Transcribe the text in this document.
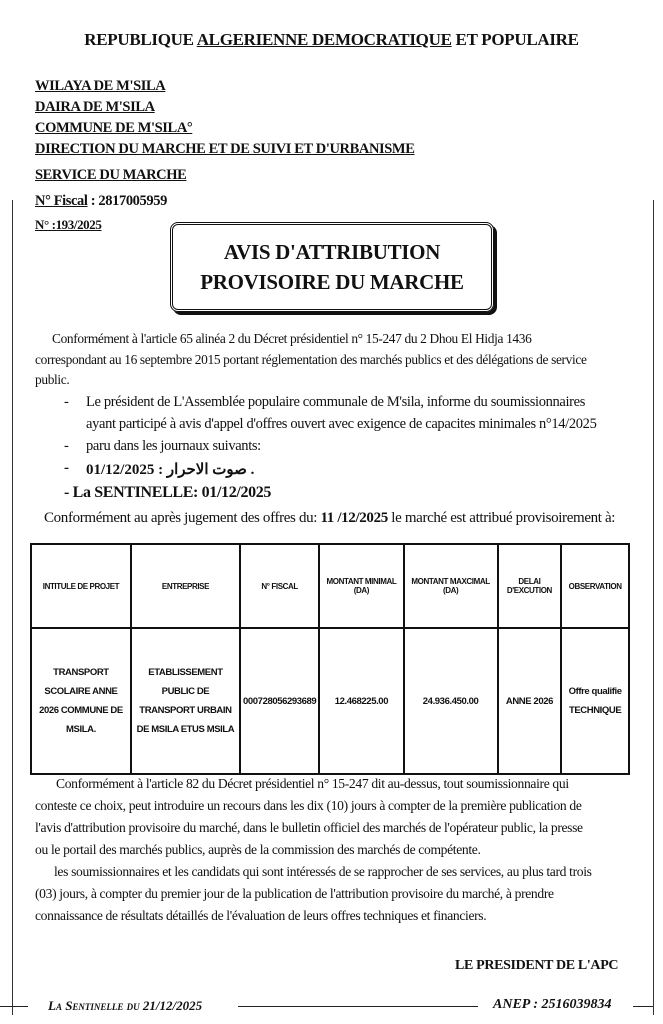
REPUBLIQUE ALGERIENNE DEMOCRATIQUE ET POPULAIRE
WILAYA DE M'SILA
DAIRA DE M'SILA
COMMUNE DE M'SILA°
DIRECTION DU MARCHE ET DE SUIVI ET D'URBANISME
SERVICE DU MARCHE
N° Fiscal : 2817005959
N° :193/2025
AVIS D'ATTRIBUTION
PROVISOIRE DU MARCHE
Conformément à l'article 65 alinéa 2 du Décret présidentiel n° 15-247 du 2 Dhou El Hidja 1436
correspondant au 16 septembre 2015 portant réglementation des marchés publics et des délégations de service
public.
- Le président de L'Assemblée populaire communale de M'sila, informe du soumissionnaires
ayant participé à avis d'appel d'offres ouvert avec exigence de capacites minimales n°14/2025
- paru dans les journaux suivants:
- صوت الاحرار : 01/12/2025 .
- La SENTINELLE: 01/12/2025
Conformément au après jugement des offres du: 11 /12/2025 le marché est attribué provisoirement à:
INTITULE DE PROJET	ENTREPRISE	N° FISCAL	MONTANT MINIMAL (DA)	MONTANT MAXCIMAL (DA)	DELAI D'EXCUTION	OBSERVATION
TRANSPORT SCOLAIRE ANNE 2026 COMMUNE DE MSILA.	ETABLISSEMENT PUBLIC DE TRANSPORT URBAIN DE MSILA ETUS MSILA	000728056293689	12.468225.00	24.936.450.00	ANNE 2026	Offre qualifie TECHNIQUE
Conformément à l'article 82 du Décret présidentiel n° 15-247 dit au-dessus, tout soumissionnaire qui
conteste ce choix, peut introduire un recours dans les dix (10) jours à compter de la première publication de
l'avis d'attribution provisoire du marché, dans le bulletin officiel des marchés de l'opérateur public, la presse
ou le portail des marchés publics, auprès de la commission des marchés de compétente.
les soumissionnaires et les candidats qui sont intéressés de se rapprocher de ses services, au plus tard trois
(03) jours, à compter du premier jour de la publication de l'attribution provisoire du marché, à prendre
connaissance de résultats détaillés de l'évaluation de leurs offres techniques et financiers.
LE PRESIDENT DE L'APC
La Sentinelle du 21/12/2025	ANEP : 2516039834
